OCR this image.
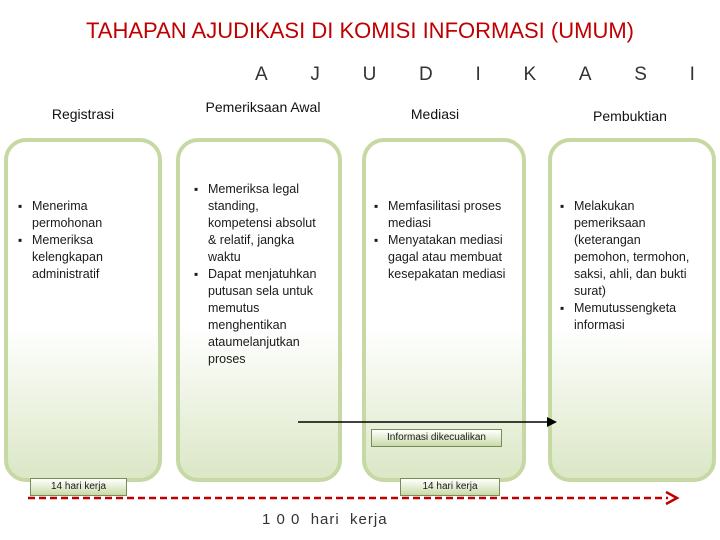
TAHAPAN AJUDIKASI DI KOMISI INFORMASI (UMUM)
A J U D I K A S I
Registrasi	Pemeriksaan Awal	Mediasi	Pembuktian
▪ Menerima permohonan
▪ Memeriksa kelengkapan administratif
▪ Memeriksa legal standing, kompetensi absolut & relatif, jangka waktu
▪ Dapat menjatuhkan putusan sela untuk memutus menghentikan ataumelanjutkan proses
▪ Memfasilitasi proses mediasi
▪ Menyatakan mediasi gagal atau membuat kesepakatan mediasi
▪ Melakukan pemeriksaan (keterangan pemohon, termohon, saksi, ahli, dan bukti surat)
▪ Memutussengketa informasi
Informasi dikecualikan
14 hari kerja	14 hari kerja
1 0 0  hari  kerja
